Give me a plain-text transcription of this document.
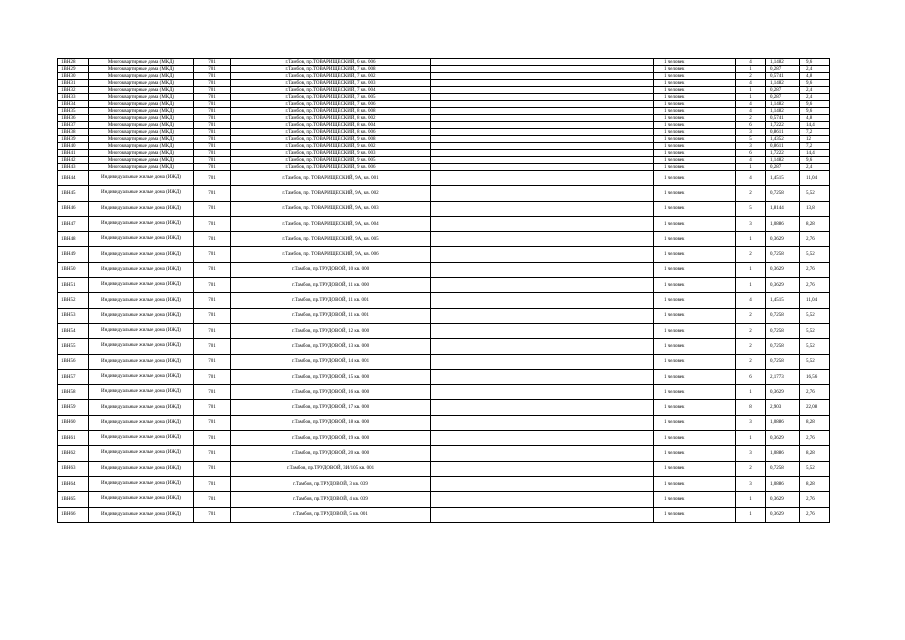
1ВН28	Многоквартирные дома (МКД)	701	г.Тамбов, пр.ТОВАРИЩЕСКИЙ, 6 кв. 006		1 человек	4	1,1482	9,6
1ВН29	Многоквартирные дома (МКД)	701	г.Тамбов, пр.ТОВАРИЩЕСКИЙ, 7 кв. 008		1 человек	1	0,287	2,4
1ВН30	Многоквартирные дома (МКД)	701	г.Тамбов, пр.ТОВАРИЩЕСКИЙ, 7 кв. 002		1 человек	2	0,5741	4,8
1ВН31	Многоквартирные дома (МКД)	701	г.Тамбов, пр.ТОВАРИЩЕСКИЙ, 7 кв. 003		1 человек	4	1,1482	9,6
1ВН32	Многоквартирные дома (МКД)	701	г.Тамбов, пр.ТОВАРИЩЕСКИЙ, 7 кв. 004		1 человек	1	0,287	2,4
1ВН33	Многоквартирные дома (МКД)	701	г.Тамбов, пр.ТОВАРИЩЕСКИЙ, 7 кв. 005		1 человек	1	0,287	2,4
1ВН34	Многоквартирные дома (МКД)	701	г.Тамбов, пр.ТОВАРИЩЕСКИЙ, 7 кв. 006		1 человек	4	1,1482	9,6
1ВН35	Многоквартирные дома (МКД)	701	г.Тамбов, пр.ТОВАРИЩЕСКИЙ, 8 кв. 008		1 человек	4	1,1482	9,6
1ВН36	Многоквартирные дома (МКД)	701	г.Тамбов, пр.ТОВАРИЩЕСКИЙ, 8 кв. 002		1 человек	2	0,5741	4,8
1ВН37	Многоквартирные дома (МКД)	701	г.Тамбов, пр.ТОВАРИЩЕСКИЙ, 8 кв. 004		1 человек	6	1,7222	14,4
1ВН38	Многоквартирные дома (МКД)	701	г.Тамбов, пр.ТОВАРИЩЕСКИЙ, 8 кв. 006		1 человек	3	0,8611	7,2
1ВН39	Многоквартирные дома (МКД)	701	г.Тамбов, пр.ТОВАРИЩЕСКИЙ, 9 кв. 008		1 человек	5	1,4352	12
1ВН40	Многоквартирные дома (МКД)	701	г.Тамбов, пр.ТОВАРИЩЕСКИЙ, 9 кв. 002		1 человек	3	0,8611	7,2
1ВН41	Многоквартирные дома (МКД)	701	г.Тамбов, пр.ТОВАРИЩЕСКИЙ, 9 кв. 003		1 человек	6	1,7222	14,4
1ВН42	Многоквартирные дома (МКД)	701	г.Тамбов, пр.ТОВАРИЩЕСКИЙ, 9 кв. 005		1 человек	4	1,1482	9,6
1ВН43	Многоквартирные дома (МКД)	701	г.Тамбов, пр.ТОВАРИЩЕСКИЙ, 9 кв. 006		1 человек	1	0,287	2,4
1ВН44	Индивидуальные жилые дома (ИЖД)	701	г.Тамбов, пр. ТОВАРИЩЕСКИЙ, 9А, кв. 001		1 человек	4	1,4515	11,04
1ВН45	Индивидуальные жилые дома (ИЖД)	701	г.Тамбов, пр. ТОВАРИЩЕСКИЙ, 9А, кв. 002		1 человек	2	0,7258	5,52
1ВН46	Индивидуальные жилые дома (ИЖД)	701	г.Тамбов, пр. ТОВАРИЩЕСКИЙ, 9А, кв. 003		1 человек	5	1,8144	13,8
1ВН47	Индивидуальные жилые дома (ИЖД)	701	г.Тамбов, пр. ТОВАРИЩЕСКИЙ, 9А, кв. 004		1 человек	3	1,0886	8,28
1ВН48	Индивидуальные жилые дома (ИЖД)	701	г.Тамбов, пр. ТОВАРИЩЕСКИЙ, 9А, кв. 005		1 человек	1	0,3629	2,76
1ВН49	Индивидуальные жилые дома (ИЖД)	701	г.Тамбов, пр. ТОВАРИЩЕСКИЙ, 9А, кв. 006		1 человек	2	0,7258	5,52
1ВН50	Индивидуальные жилые дома (ИЖД)	701	г.Тамбов, пр.ТРУДОВОЙ, 10 кв. 000		1 человек	1	0,3629	2,76
1ВН51	Индивидуальные жилые дома (ИЖД)	701	г.Тамбов, пр.ТРУДОВОЙ, 11 кв. 000		1 человек	1	0,3629	2,76
1ВН52	Индивидуальные жилые дома (ИЖД)	701	г.Тамбов, пр.ТРУДОВОЙ, 11 кв. 001		1 человек	4	1,4515	11,04
1ВН53	Индивидуальные жилые дома (ИЖД)	701	г.Тамбов, пр.ТРУДОВОЙ, 11 кв. 001		1 человек	2	0,7258	5,52
1ВН54	Индивидуальные жилые дома (ИЖД)	701	г.Тамбов, пр.ТРУДОВОЙ, 12 кв. 000		1 человек	2	0,7258	5,52
1ВН55	Индивидуальные жилые дома (ИЖД)	701	г.Тамбов, пр.ТРУДОВОЙ, 13 кв. 000		1 человек	2	0,7258	5,52
1ВН56	Индивидуальные жилые дома (ИЖД)	701	г.Тамбов, пр.ТРУДОВОЙ, 14 кв. 001		1 человек	2	0,7258	5,52
1ВН57	Индивидуальные жилые дома (ИЖД)	701	г.Тамбов, пр.ТРУДОВОЙ, 15 кв. 000		1 человек	6	2,1773	16,56
1ВН58	Индивидуальные жилые дома (ИЖД)	701	г.Тамбов, пр.ТРУДОВОЙ, 16 кв. 000		1 человек	1	0,3629	2,76
1ВН59	Индивидуальные жилые дома (ИЖД)	701	г.Тамбов, пр.ТРУДОВОЙ, 17 кв. 000		1 человек	8	2,903	22,08
1ВН60	Индивидуальные жилые дома (ИЖД)	701	г.Тамбов, пр.ТРУДОВОЙ, 18 кв. 000		1 человек	3	1,0886	8,28
1ВН61	Индивидуальные жилые дома (ИЖД)	701	г.Тамбов, пр.ТРУДОВОЙ, 19 кв. 000		1 человек	1	0,3629	2,76
1ВН62	Индивидуальные жилые дома (ИЖД)	701	г.Тамбов, пр.ТРУДОВОЙ, 20 кв. 000		1 человек	3	1,0886	8,28
1ВН63	Индивидуальные жилые дома (ИЖД)	701	г.Тамбов, пр.ТРУДОВОЙ, 3И/105 кв. 001		1 человек	2	0,7258	5,52
1ВН64	Индивидуальные жилые дома (ИЖД)	701	г.Тамбов, пр.ТРУДОВОЙ, 3 кв. 039		1 человек	3	1,0886	8,28
1ВН65	Индивидуальные жилые дома (ИЖД)	701	г.Тамбов, пр.ТРУДОВОЙ, 4 кв. 039		1 человек	1	0,3629	2,76
1ВН66	Индивидуальные жилые дома (ИЖД)	701	г.Тамбов, пр.ТРУДОВОЙ, 5 кв. 001		1 человек	1	0,3629	2,76
